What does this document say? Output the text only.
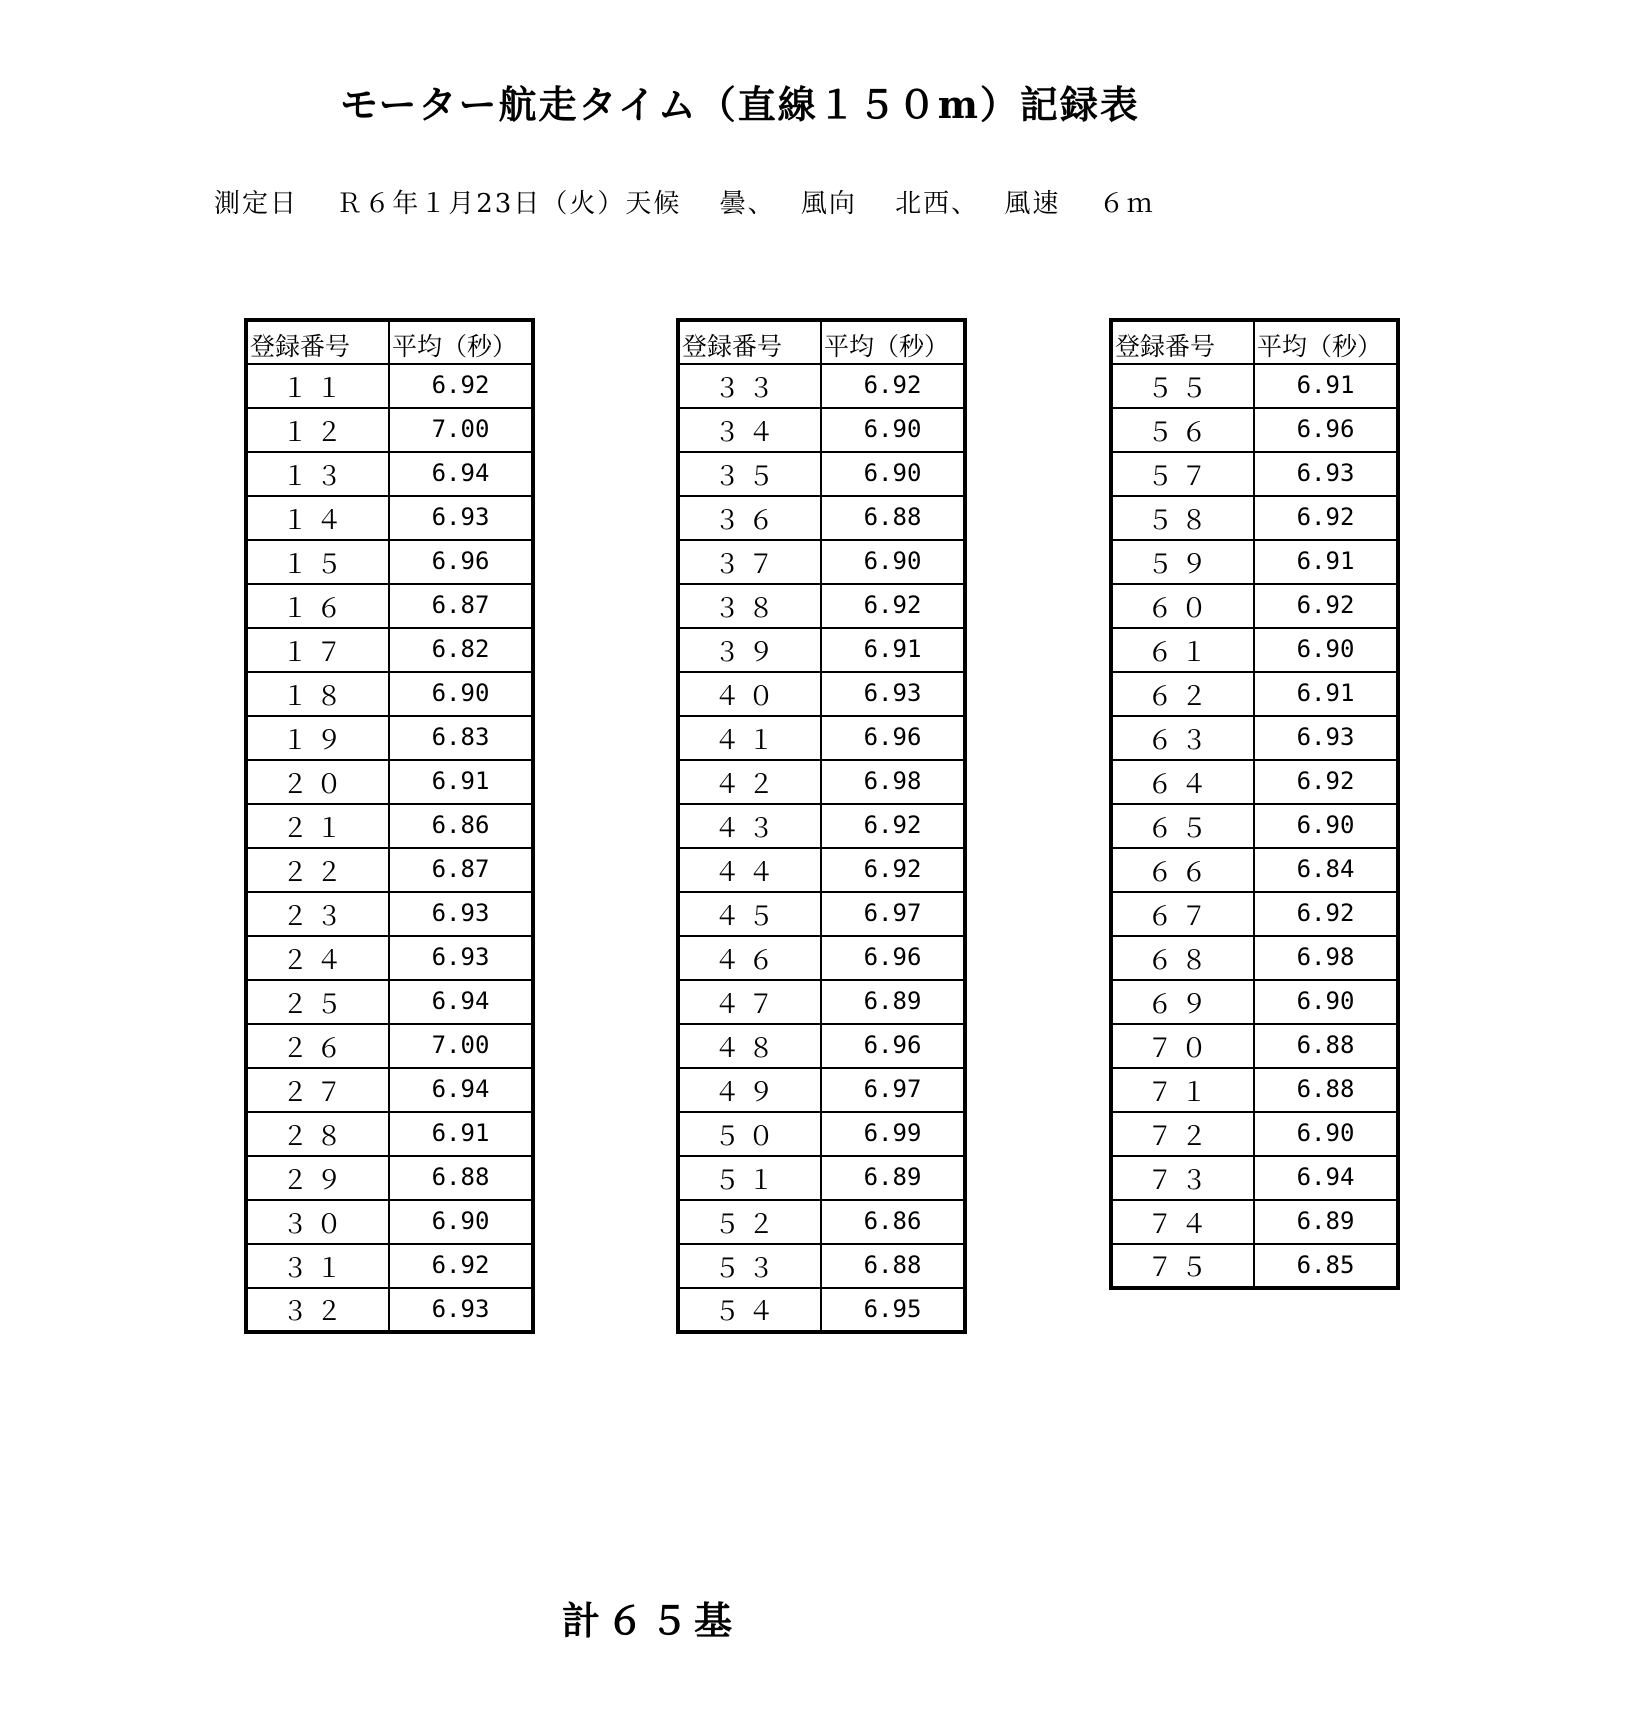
モーター航走タイム（直線１５０m）記録表
測定日　 Ｒ６年１月23日（火）天候　 曇、　 風向　 北西、　 風速　 ６ｍ
登録番号	平均（秒）
１１	6.92
１２	7.00
１３	6.94
１４	6.93
１５	6.96
１６	6.87
１７	6.82
１８	6.90
１９	6.83
２０	6.91
２１	6.86
２２	6.87
２３	6.93
２４	6.93
２５	6.94
２６	7.00
２７	6.94
２８	6.91
２９	6.88
３０	6.90
３１	6.92
３２	6.93
登録番号	平均（秒）
３３	6.92
３４	6.90
３５	6.90
３６	6.88
３７	6.90
３８	6.92
３９	6.91
４０	6.93
４１	6.96
４２	6.98
４３	6.92
４４	6.92
４５	6.97
４６	6.96
４７	6.89
４８	6.96
４９	6.97
５０	6.99
５１	6.89
５２	6.86
５３	6.88
５４	6.95
登録番号	平均（秒）
５５	6.91
５６	6.96
５７	6.93
５８	6.92
５９	6.91
６０	6.92
６１	6.90
６２	6.91
６３	6.93
６４	6.92
６５	6.90
６６	6.84
６７	6.92
６８	6.98
６９	6.90
７０	6.88
７１	6.88
７２	6.90
７３	6.94
７４	6.89
７５	6.85
計６５基
